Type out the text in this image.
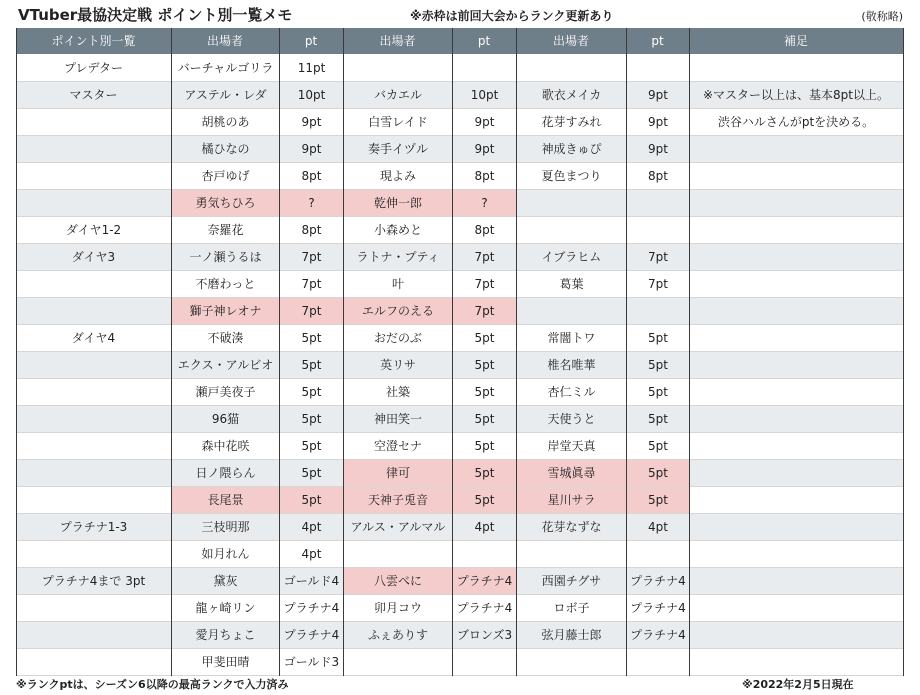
VTuber最協決定戦 ポイント別一覧メモ	※赤枠は前回大会からランク更新あり	(敬称略)
ポイント別一覧	出場者	pt	出場者	pt	出場者	pt	補足
プレデター	バーチャルゴリラ	11pt
マスター	アステル・レダ	10pt	バカエル	10pt	歌衣メイカ	9pt	※マスター以上は、基本8pt以上。
胡桃のあ	9pt	白雪レイド	9pt	花芽すみれ	9pt	渋谷ハルさんがptを決める。
橘ひなの	9pt	奏手イヅル	9pt	神成きゅぴ	9pt
杏戸ゆげ	8pt	現よみ	8pt	夏色まつり	8pt
勇気ちひろ	?	乾伸一郎	?
ダイヤ1-2	奈羅花	8pt	小森めと	8pt
ダイヤ3	一ノ瀬うるは	7pt	ラトナ・プティ	7pt	イブラヒム	7pt
不磨わっと	7pt	叶	7pt	葛葉	7pt
獅子神レオナ	7pt	エルフのえる	7pt
ダイヤ4	不破湊	5pt	おだのぶ	5pt	常闇トワ	5pt
エクス・アルビオ	5pt	英リサ	5pt	椎名唯華	5pt
瀬戸美夜子	5pt	社築	5pt	杏仁ミル	5pt
96猫	5pt	神田笑一	5pt	天使うと	5pt
森中花咲	5pt	空澄セナ	5pt	岸堂天真	5pt
日ノ隈らん	5pt	律可	5pt	雪城眞尋	5pt
長尾景	5pt	天神子兎音	5pt	星川サラ	5pt
プラチナ1-3	三枝明那	4pt	アルス・アルマル	4pt	花芽なずな	4pt
如月れん	4pt
プラチナ4まで 3pt	黛灰	ゴールド4	八雲べに	プラチナ4	西園チグサ	プラチナ4
龍ヶ崎リン	プラチナ4	卯月コウ	プラチナ4	ロボ子	プラチナ4
愛月ちょこ	プラチナ4	ふぇありす	ブロンズ3	弦月藤士郎	プラチナ4
甲斐田晴	ゴールド3
※ランクptは、シーズン6以降の最高ランクで入力済み	※2022年2月5日現在
